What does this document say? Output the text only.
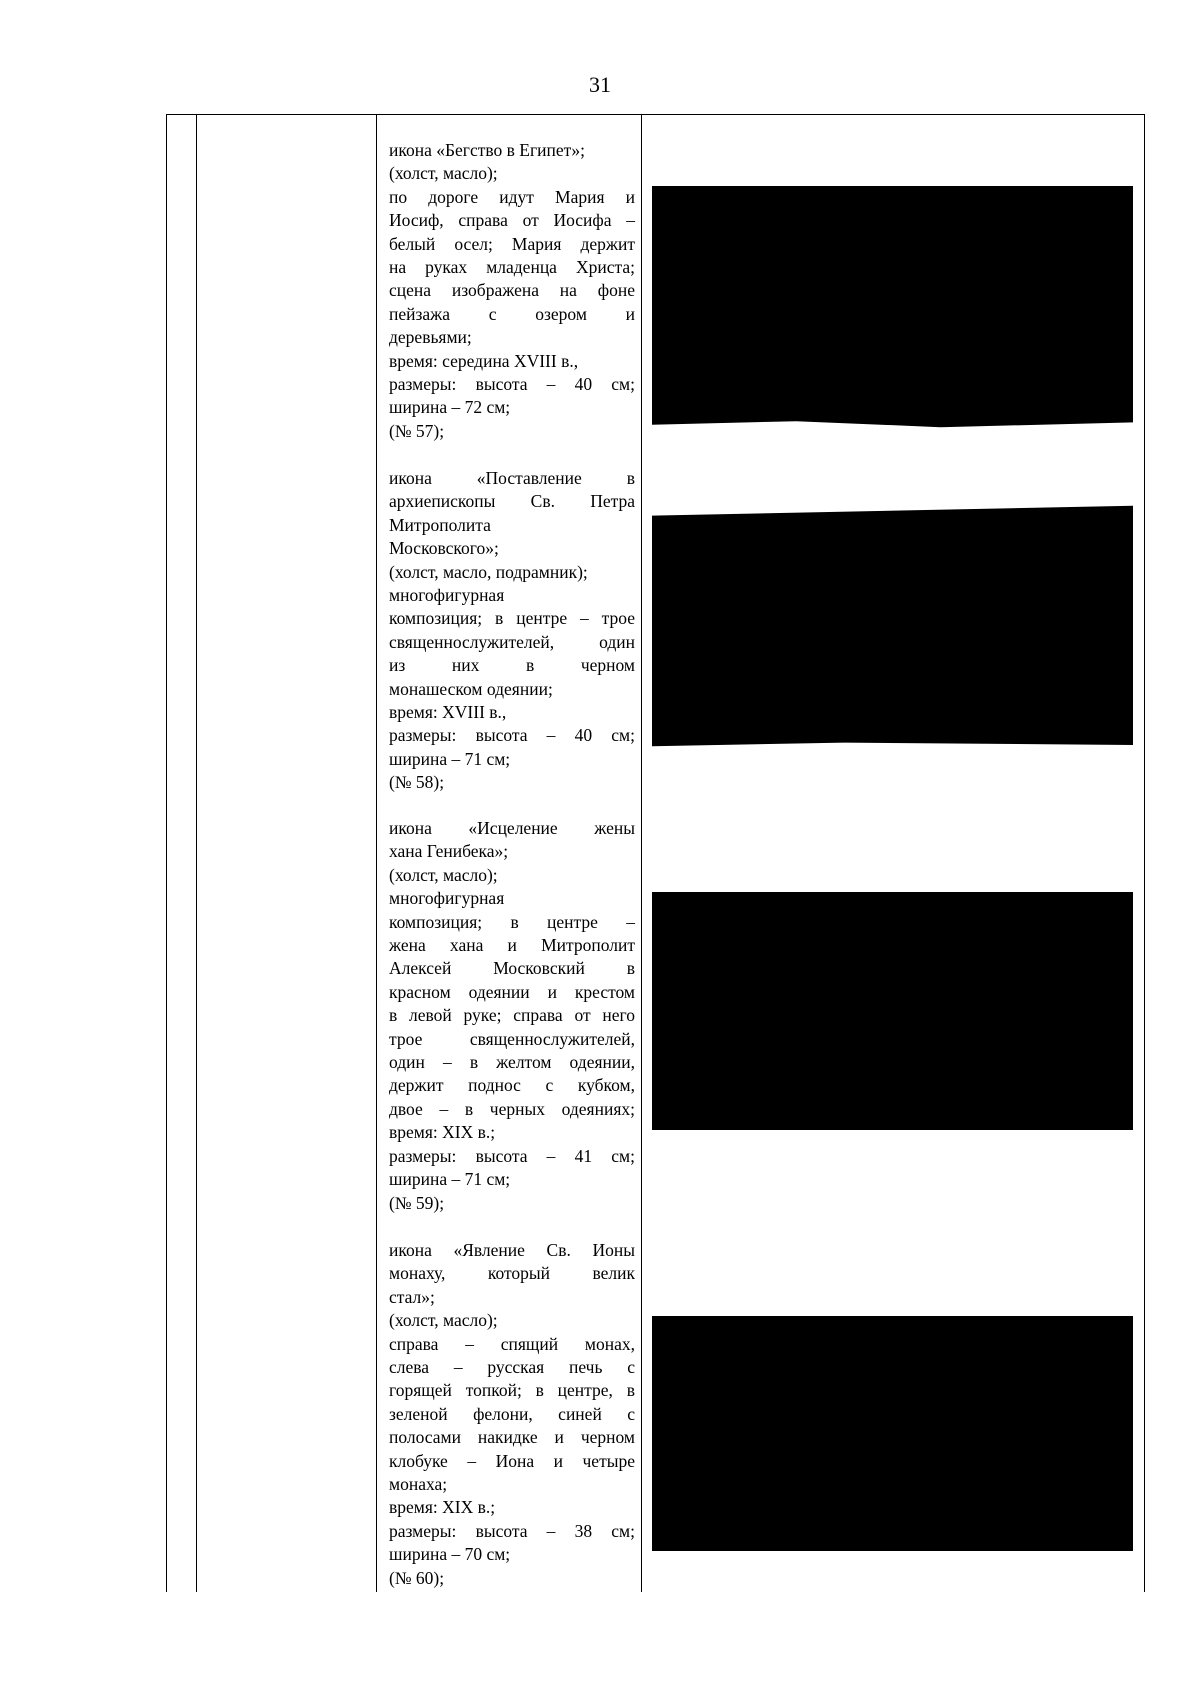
31
икона «Бегство в Египет»;
(холст, масло);
по дороге идут Мария и
Иосиф, справа от Иосифа –
белый осел; Мария держит
на руках младенца Христа;
сцена изображена на фоне
пейзажа с озером и
деревьями;
время: середина XVIII в.,
размеры: высота – 40 см;
ширина – 72 см;
(№ 57);
икона «Поставление в
архиепископы Св. Петра
Митрополита
Московского»;
(холст, масло, подрамник);
многофигурная
композиция; в центре – трое
священнослужителей, один
из них в черном
монашеском одеянии;
время: XVIII в.,
размеры: высота – 40 см;
ширина – 71 см;
(№ 58);
икона «Исцеление жены
хана Генибека»;
(холст, масло);
многофигурная
композиция; в центре –
жена хана и Митрополит
Алексей Московский в
красном одеянии и крестом
в левой руке; справа от него
трое священнослужителей,
один – в желтом одеянии,
держит поднос с кубком,
двое – в черных одеяниях;
время: XIX в.;
размеры: высота – 41 см;
ширина – 71 см;
(№ 59);
икона «Явление Св. Ионы
монаху, который велик
стал»;
(холст, масло);
справа – спящий монах,
слева – русская печь с
горящей топкой; в центре, в
зеленой фелони, синей с
полосами накидке и черном
клобуке – Иона и четыре
монаха;
время: XIX в.;
размеры: высота – 38 см;
ширина – 70 см;
(№ 60);
